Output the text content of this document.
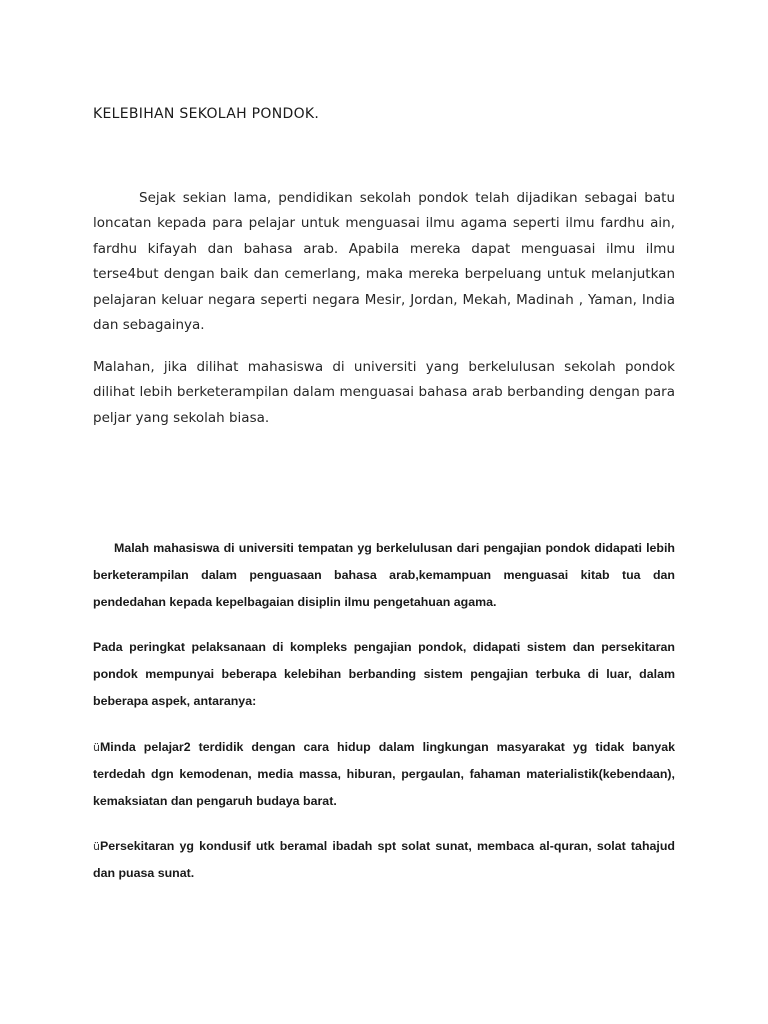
KELEBIHAN SEKOLAH PONDOK.

Sejak sekian lama, pendidikan sekolah pondok telah dijadikan sebagai batu loncatan kepada para pelajar untuk menguasai ilmu agama seperti ilmu fardhu ain, fardhu kifayah dan bahasa arab. Apabila mereka dapat menguasai ilmu ilmu terse4but dengan baik dan cemerlang, maka mereka berpeluang untuk melanjutkan pelajaran keluar negara seperti negara Mesir, Jordan, Mekah, Madinah , Yaman, India dan sebagainya.

Malahan, jika dilihat mahasiswa di universiti yang berkelulusan sekolah pondok dilihat lebih berketerampilan dalam menguasai bahasa arab berbanding dengan para peljar yang sekolah biasa.

Malah mahasiswa di universiti tempatan yg berkelulusan dari pengajian pondok didapati lebih berketerampilan dalam penguasaan bahasa arab,kemampuan menguasai kitab tua dan pendedahan kepada kepelbagaian disiplin ilmu pengetahuan agama.

Pada peringkat pelaksanaan di kompleks pengajian pondok, didapati sistem dan persekitaran pondok mempunyai beberapa kelebihan berbanding sistem pengajian terbuka di luar, dalam beberapa aspek, antaranya:

üMinda pelajar2 terdidik dengan cara hidup dalam lingkungan masyarakat yg tidak banyak terdedah dgn kemodenan, media massa, hiburan, pergaulan, fahaman materialistik(kebendaan), kemaksiatan dan pengaruh budaya barat.

üPersekitaran yg kondusif utk beramal ibadah spt solat sunat, membaca al-quran, solat tahajud dan puasa sunat.
